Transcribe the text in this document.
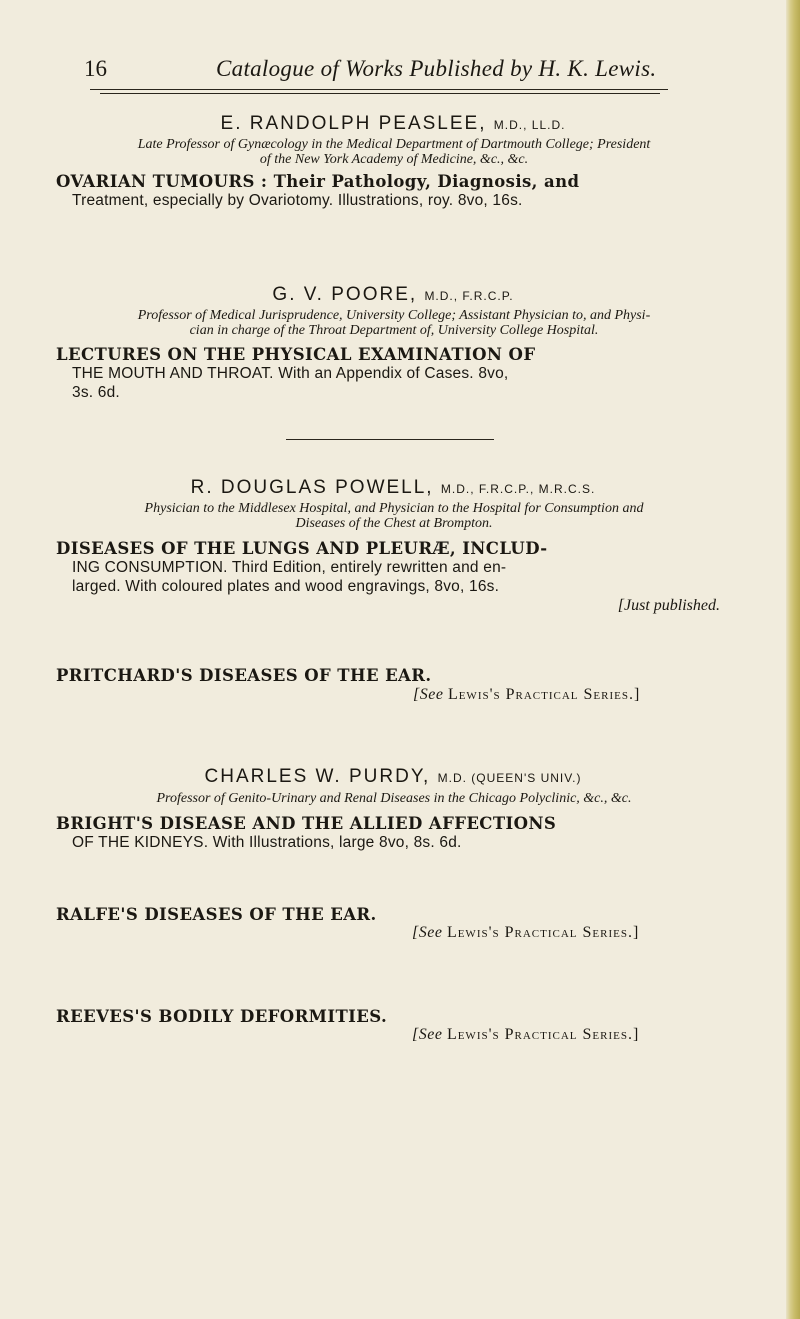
16	Catalogue of Works Published by H. K. Lewis.
E. RANDOLPH PEASLEE, M.D., LL.D.
Late Professor of Gynæcology in the Medical Department of Dartmouth College; President
of the New York Academy of Medicine, &c., &c.
OVARIAN TUMOURS : Their Pathology, Diagnosis, and
Treatment, especially by Ovariotomy. Illustrations, roy. 8vo, 16s.
G. V. POORE, M.D., F.R.C.P.
Professor of Medical Jurisprudence, University College; Assistant Physician to, and Physi-
cian in charge of the Throat Department of, University College Hospital.
LECTURES ON THE PHYSICAL EXAMINATION OF
THE MOUTH AND THROAT. With an Appendix of Cases. 8vo,
3s. 6d.
R. DOUGLAS POWELL, M.D., F.R.C.P., M.R.C.S.
Physician to the Middlesex Hospital, and Physician to the Hospital for Consumption and
Diseases of the Chest at Brompton.
DISEASES OF THE LUNGS AND PLEURÆ, INCLUD-
ING CONSUMPTION. Third Edition, entirely rewritten and en-
larged. With coloured plates and wood engravings, 8vo, 16s.
[Just published.
PRITCHARD'S DISEASES OF THE EAR.
[See Lewis's Practical Series.]
CHARLES W. PURDY, M.D. (QUEEN'S UNIV.)
Professor of Genito-Urinary and Renal Diseases in the Chicago Polyclinic, &c., &c.
BRIGHT'S DISEASE AND THE ALLIED AFFECTIONS
OF THE KIDNEYS. With Illustrations, large 8vo, 8s. 6d.
RALFE'S DISEASES OF THE EAR.
[See Lewis's Practical Series.]
REEVES'S BODILY DEFORMITIES.
[See Lewis's Practical Series.]
